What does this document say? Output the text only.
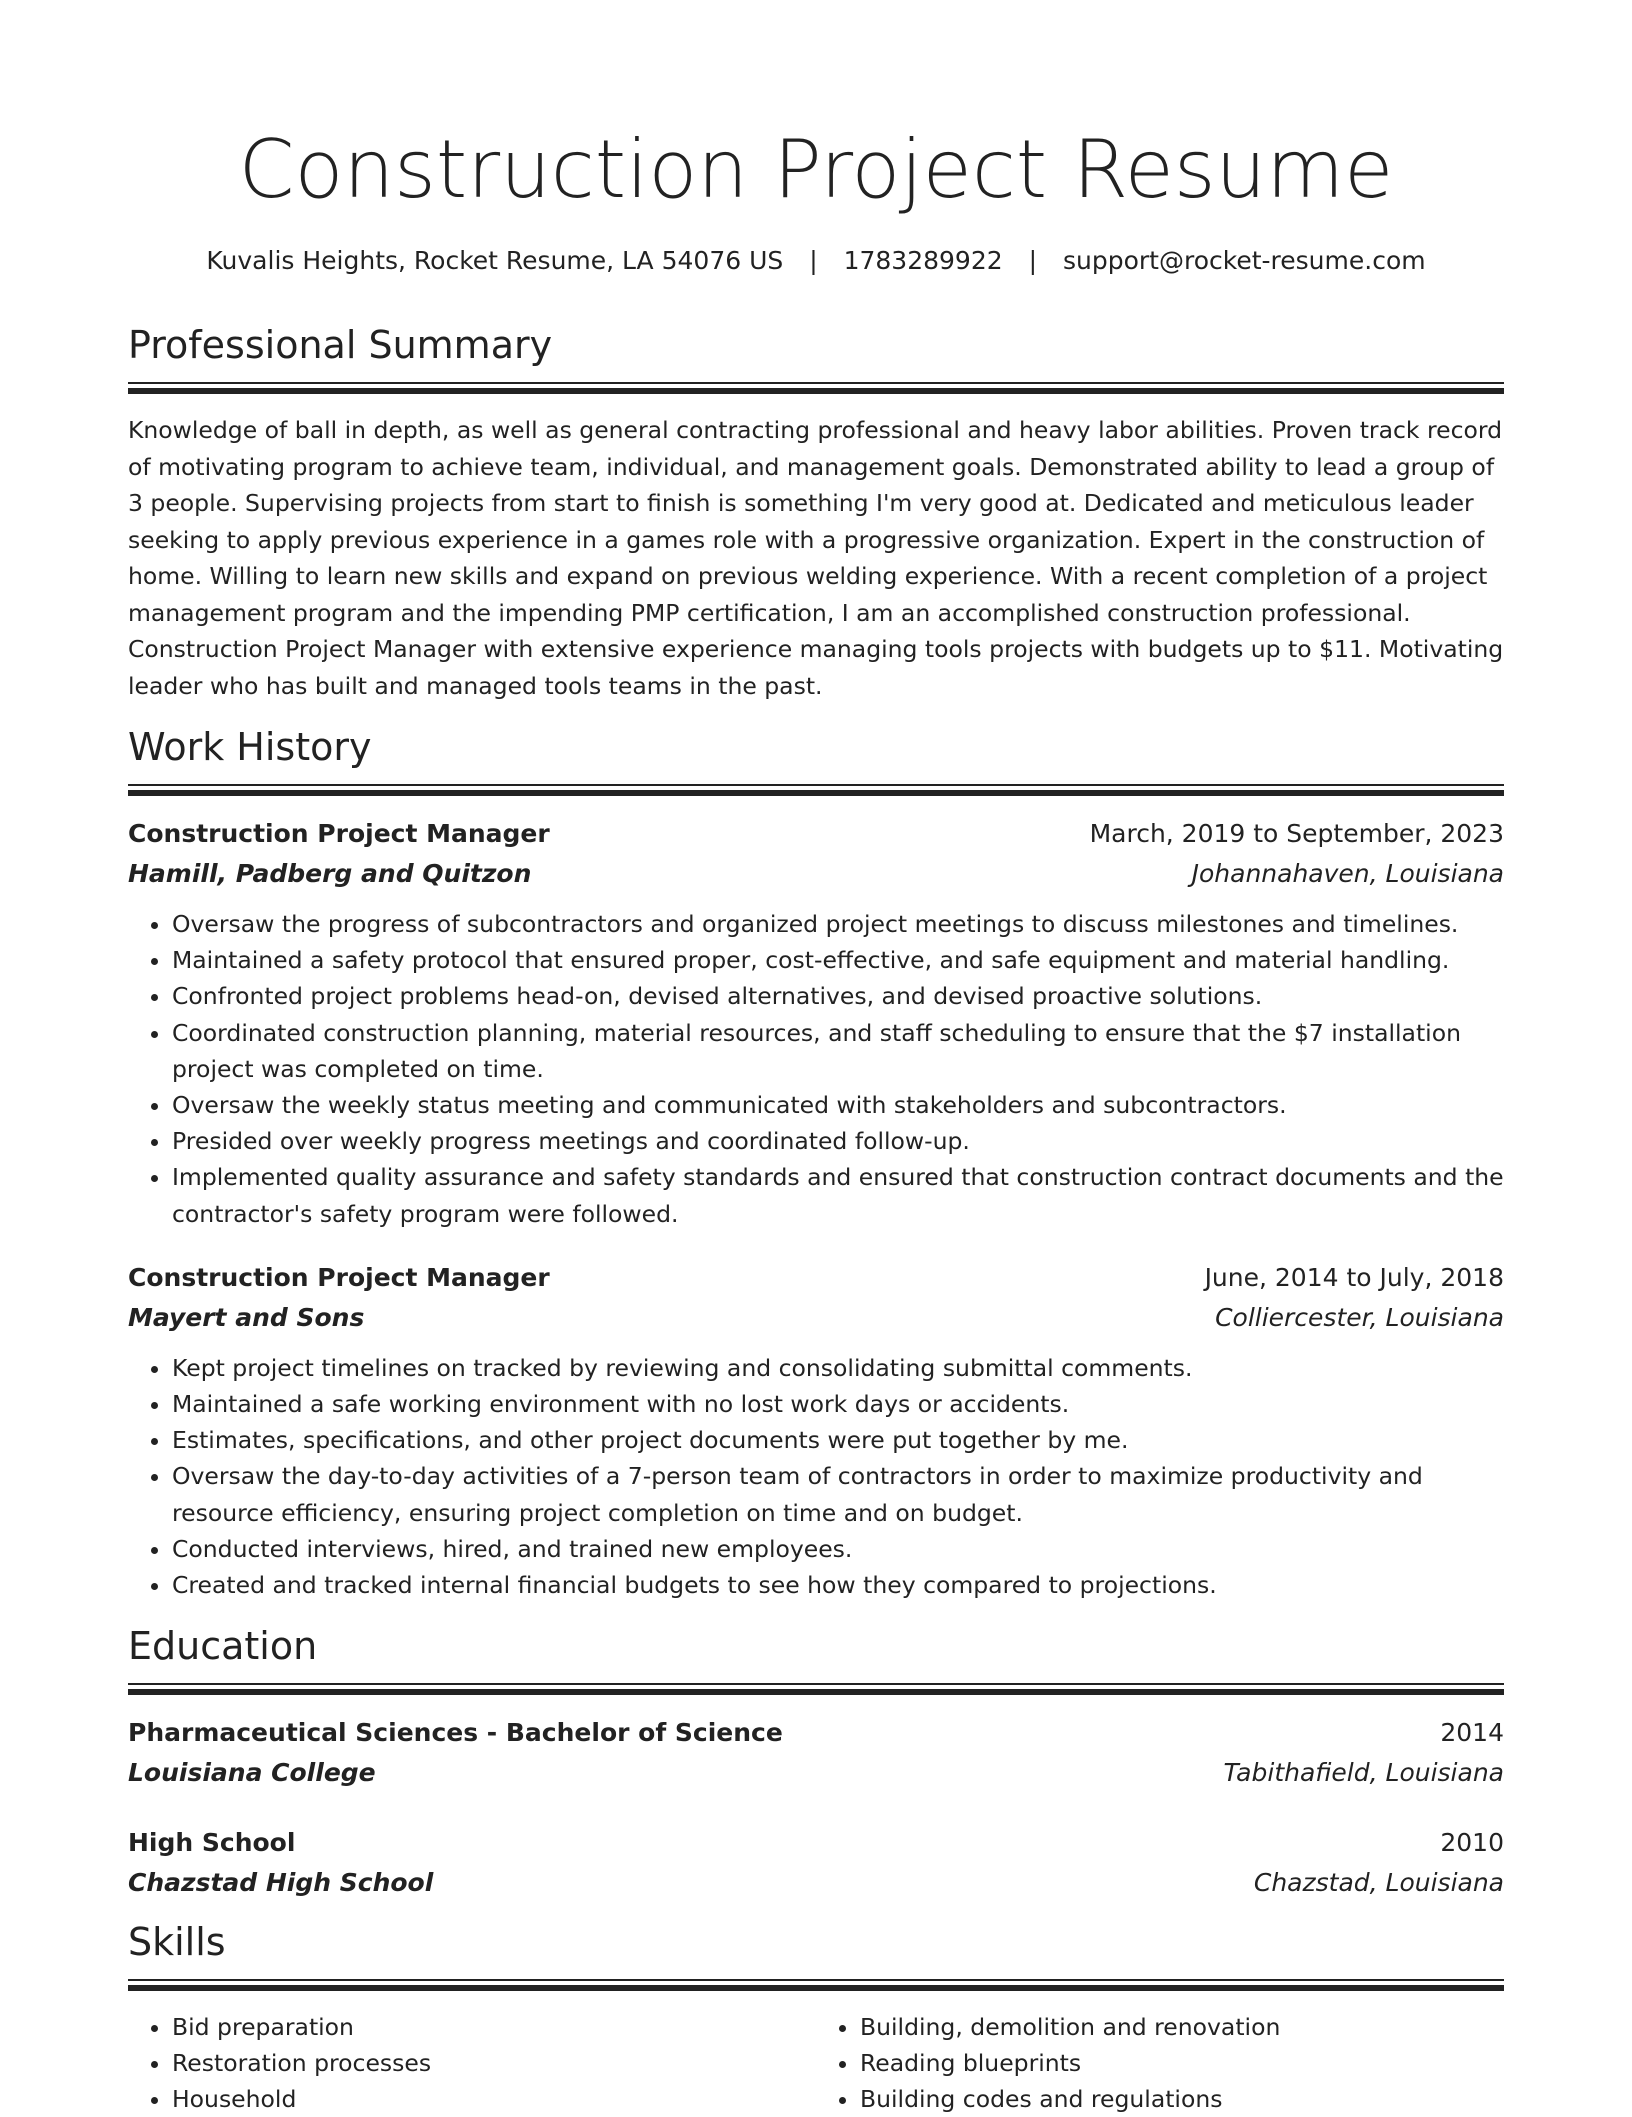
Construction Project Resume
Kuvalis Heights, Rocket Resume, LA 54076 US | 1783289922 | support@rocket-resume.com
Professional Summary

Knowledge of ball in depth, as well as general contracting professional and heavy labor abilities. Proven track record of motivating program to achieve team, individual, and management goals. Demonstrated ability to lead a group of 3 people. Supervising projects from start to finish is something I'm very good at. Dedicated and meticulous leader seeking to apply previous experience in a games role with a progressive organization. Expert in the construction of home. Willing to learn new skills and expand on previous welding experience. With a recent completion of a project management program and the impending PMP certification, I am an accomplished construction professional. Construction Project Manager with extensive experience managing tools projects with budgets up to $11. Motivating leader who has built and managed tools teams in the past.

Work History
Construction Project Manager	March, 2019 to September, 2023
Hamill, Padberg and Quitzon	Johannahaven, Louisiana
• Oversaw the progress of subcontractors and organized project meetings to discuss milestones and timelines.
• Maintained a safety protocol that ensured proper, cost-effective, and safe equipment and material handling.
• Confronted project problems head-on, devised alternatives, and devised proactive solutions.
• Coordinated construction planning, material resources, and staff scheduling to ensure that the $7 installation project was completed on time.
• Oversaw the weekly status meeting and communicated with stakeholders and subcontractors.
• Presided over weekly progress meetings and coordinated follow-up.
• Implemented quality assurance and safety standards and ensured that construction contract documents and the contractor's safety program were followed.
Construction Project Manager	June, 2014 to July, 2018
Mayert and Sons	Colliercester, Louisiana
• Kept project timelines on tracked by reviewing and consolidating submittal comments.
• Maintained a safe working environment with no lost work days or accidents.
• Estimates, specifications, and other project documents were put together by me.
• Oversaw the day-to-day activities of a 7-person team of contractors in order to maximize productivity and resource efficiency, ensuring project completion on time and on budget.
• Conducted interviews, hired, and trained new employees.
• Created and tracked internal financial budgets to see how they compared to projections.
Education
Pharmaceutical Sciences - Bachelor of Science	2014
Louisiana College	Tabithafield, Louisiana
High School	2010
Chazstad High School	Chazstad, Louisiana
Skills
• Bid preparation
• Restoration processes
• Household
• Building, demolition and renovation
• Reading blueprints
• Building codes and regulations
